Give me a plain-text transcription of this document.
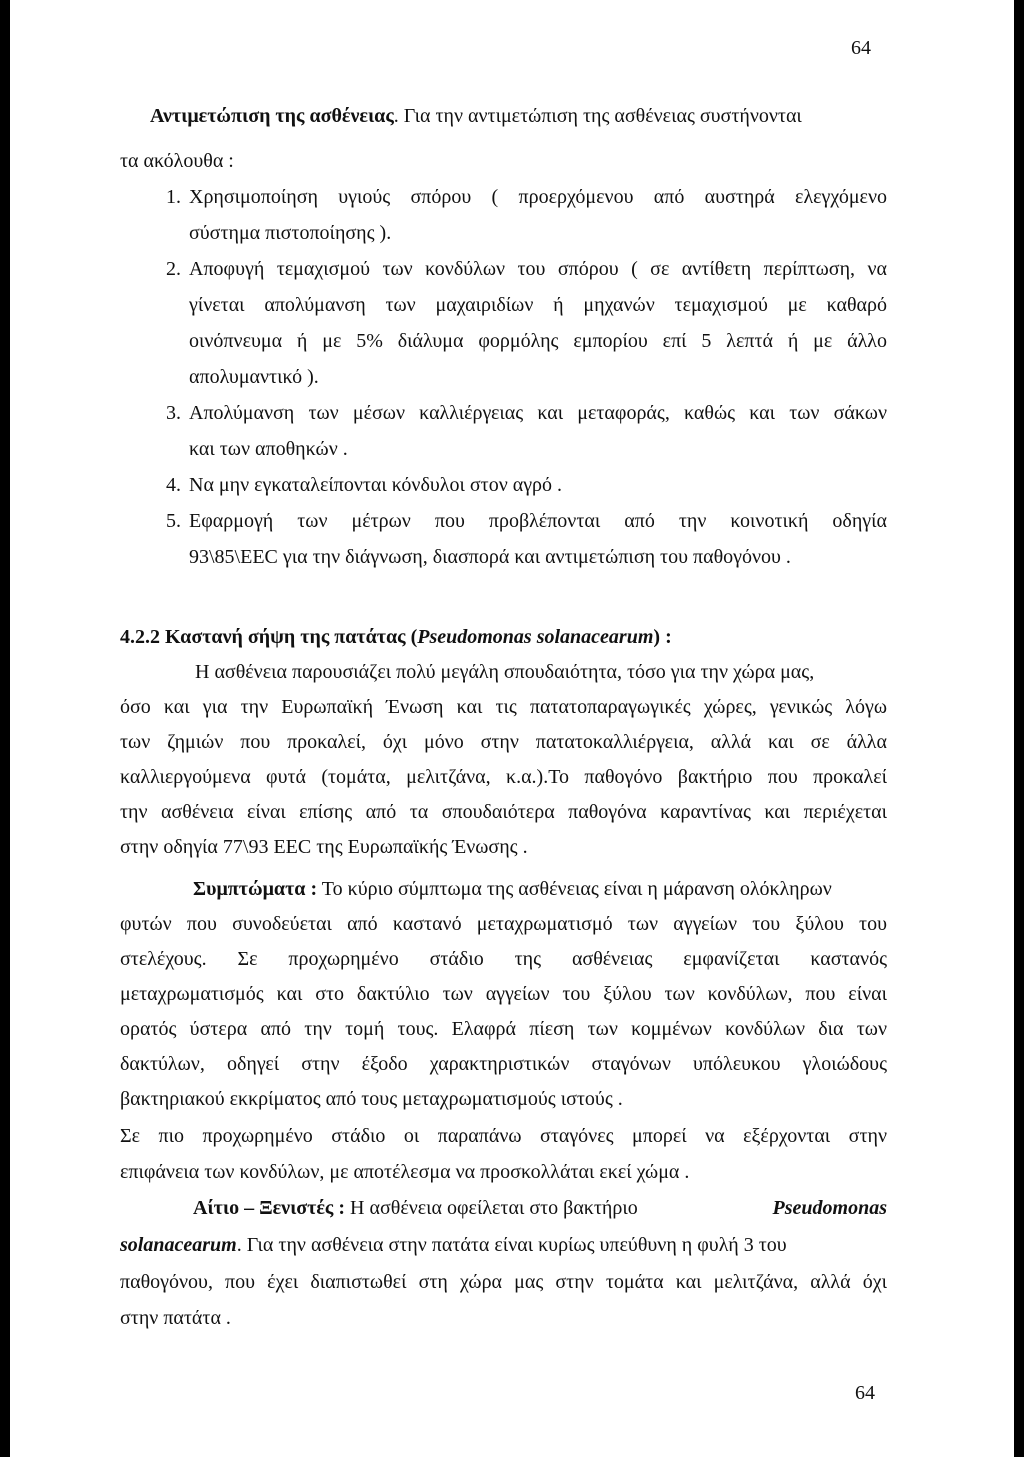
64
Αντιμετώπιση της ασθένειας. Για την αντιμετώπιση της ασθένειας συστήνονται
τα ακόλουθα :
1. Χρησιμοποίηση υγιούς σπόρου ( προερχόμενου από αυστηρά ελεγχόμενο
σύστημα πιστοποίησης ).
2. Αποφυγή τεμαχισμού των κονδύλων του σπόρου ( σε αντίθετη περίπτωση, να
γίνεται απολύμανση των μαχαιριδίων ή μηχανών τεμαχισμού με καθαρό
οινόπνευμα ή με 5% διάλυμα φορμόλης εμπορίου επί 5 λεπτά ή με άλλο
απολυμαντικό ).
3. Απολύμανση των μέσων καλλιέργειας και μεταφοράς, καθώς και των σάκων
και των αποθηκών .
4. Να μην εγκαταλείπονται κόνδυλοι στον αγρό .
5. Εφαρμογή των μέτρων που προβλέπονται από την κοινοτική οδηγία
93\85\ΕΕC για την διάγνωση, διασπορά και αντιμετώπιση του παθογόνου .
4.2.2 Καστανή σήψη της πατάτας (Pseudomonas solanacearum) :
Η ασθένεια παρουσιάζει πολύ μεγάλη σπουδαιότητα, τόσο για την χώρα μας,
όσο και για την Ευρωπαϊκή Ένωση και τις πατατοπαραγωγικές χώρες, γενικώς λόγω
των ζημιών που προκαλεί, όχι μόνο στην πατατοκαλλιέργεια, αλλά και σε άλλα
καλλιεργούμενα φυτά (τομάτα, μελιτζάνα, κ.α.).Το παθογόνο βακτήριο που προκαλεί
την ασθένεια είναι επίσης από τα σπουδαιότερα παθογόνα καραντίνας και περιέχεται
στην οδηγία 77\93 ΕΕC της Ευρωπαϊκής Ένωσης .
Συμπτώματα : Το κύριο σύμπτωμα της ασθένειας είναι η μάρανση ολόκληρων
φυτών που συνοδεύεται από καστανό μεταχρωματισμό των αγγείων του ξύλου του
στελέχους. Σε προχωρημένο στάδιο της ασθένειας εμφανίζεται καστανός
μεταχρωματισμός και στο δακτύλιο των αγγείων του ξύλου των κονδύλων, που είναι
ορατός ύστερα από την τομή τους. Ελαφρά πίεση των κομμένων κονδύλων δια των
δακτύλων, οδηγεί στην έξοδο χαρακτηριστικών σταγόνων υπόλευκου γλοιώδους
βακτηριακού εκκρίματος από τους μεταχρωματισμούς ιστούς .
Σε πιο προχωρημένο στάδιο οι παραπάνω σταγόνες μπορεί να εξέρχονται στην
επιφάνεια των κονδύλων, με αποτέλεσμα να προσκολλάται εκεί χώμα .
Αίτιο – Ξενιστές : Η ασθένεια οφείλεται στο βακτήριο	Pseudomonas
solanacearum. Για την ασθένεια στην πατάτα είναι κυρίως υπεύθυνη η φυλή 3 του
παθογόνου, που έχει διαπιστωθεί στη χώρα μας στην τομάτα και μελιτζάνα, αλλά όχι
στην πατάτα .
64
